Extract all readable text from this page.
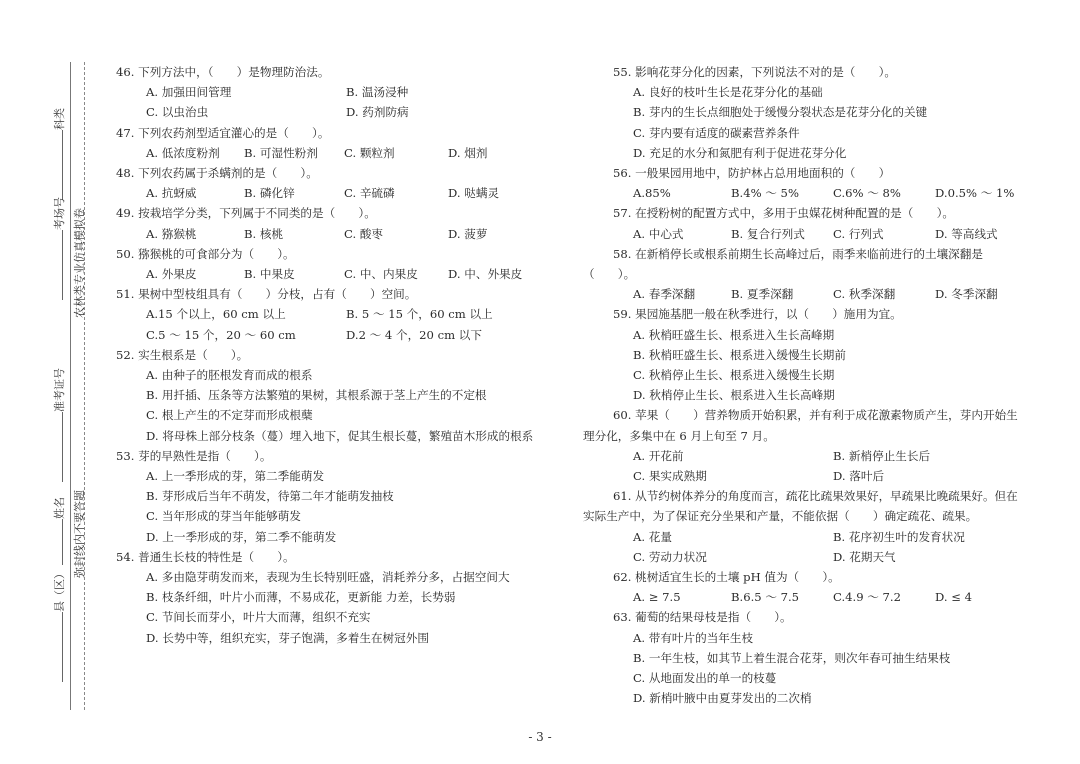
科类
考场号
准考证号
姓名
县（区）
农林类专业仿真模拟卷
弥封线内不要答题
46. 下列方法中，（　　）是物理防治法。
A. 加强田间管理	B. 温汤浸种
C. 以虫治虫	D. 药剂防病
47. 下列农药剂型适宜灌心的是（　　）。
A. 低浓度粉剂	B. 可湿性粉剂	C. 颗粒剂	D. 烟剂
48. 下列农药属于杀螨剂的是（　　）。
A. 抗蚜威	B. 磷化锌	C. 辛硫磷	D. 哒螨灵
49. 按栽培学分类，下列属于不同类的是（　　）。
A. 猕猴桃	B. 核桃	C. 酸枣	D. 菠萝
50. 猕猴桃的可食部分为（　　）。
A. 外果皮	B. 中果皮	C. 中、内果皮	D. 中、外果皮
51. 果树中型枝组具有（　　）分枝，占有（　　）空间。
A.15 个以上，60 cm 以上	B. 5 ～ 15 个，60 cm 以上
C.5 ～ 15 个，20 ～ 60 cm	D.2 ～ 4 个，20 cm 以下
52. 实生根系是（　　）。
A. 由种子的胚根发育而成的根系
B. 用扦插、压条等方法繁殖的果树，其根系源于茎上产生的不定根
C. 根上产生的不定芽而形成根蘖
D. 将母株上部分枝条（蔓）埋入地下，促其生根长蔓，繁殖苗木形成的根系
53. 芽的早熟性是指（　　）。
A. 上一季形成的芽，第二季能萌发
B. 芽形成后当年不萌发，待第二年才能萌发抽枝
C. 当年形成的芽当年能够萌发
D. 上一季形成的芽，第二季不能萌发
54. 普通生长枝的特性是（　　）。
A. 多由隐芽萌发而来，表现为生长特别旺盛，消耗养分多，占据空间大
B. 枝条纤细，叶片小而薄，不易成花，更新能 力差，长势弱
C. 节间长而芽小，叶片大而薄，组织不充实
D. 长势中等，组织充实，芽子饱满，多着生在树冠外围
55. 影响花芽分化的因素，下列说法不对的是（　　）。
A. 良好的枝叶生长是花芽分化的基础
B. 芽内的生长点细胞处于缓慢分裂状态是花芽分化的关键
C. 芽内要有适度的碳素营养条件
D. 充足的水分和氮肥有利于促进花芽分化
56. 一般果园用地中，防护林占总用地面积的（　　）
A.85%	B.4% ～ 5%	C.6% ～ 8%	D.0.5% ～ 1%
57. 在授粉树的配置方式中，多用于虫媒花树种配置的是（　　）。
A. 中心式	B. 复合行列式	C. 行列式	D. 等高线式
58. 在新梢停长或根系前期生长高峰过后，雨季来临前进行的土壤深翻是（　　）。
A. 春季深翻	B. 夏季深翻	C. 秋季深翻	D. 冬季深翻
59. 果园施基肥一般在秋季进行，以（　　）施用为宜。
A. 秋梢旺盛生长、根系进入生长高峰期
B. 秋梢旺盛生长、根系进入缓慢生长期前
C. 秋梢停止生长、根系进入缓慢生长期
D. 秋梢停止生长、根系进入生长高峰期
60. 苹果（　　）营养物质开始积累，并有利于成花激素物质产生，芽内开始生理分化，多集中在 6 月上旬至 7 月。
A. 开花前	B. 新梢停止生长后
C. 果实成熟期	D. 落叶后
61. 从节约树体养分的角度而言，疏花比疏果效果好，早疏果比晚疏果好。但在实际生产中，为了保证充分坐果和产量，不能依据（　　）确定疏花、疏果。
A. 花量	B. 花序初生叶的发育状况
C. 劳动力状况	D. 花期天气
62. 桃树适宜生长的土壤 pH 值为（　　）。
A. ≥ 7.5	B.6.5 ～ 7.5	C.4.9 ～ 7.2	D. ≤ 4
63. 葡萄的结果母枝是指（　　）。
A. 带有叶片的当年生枝
B. 一年生枝，如其节上着生混合花芽，则次年春可抽生结果枝
C. 从地面发出的单一的枝蔓
D. 新梢叶腋中由夏芽发出的二次梢
- 3 -
